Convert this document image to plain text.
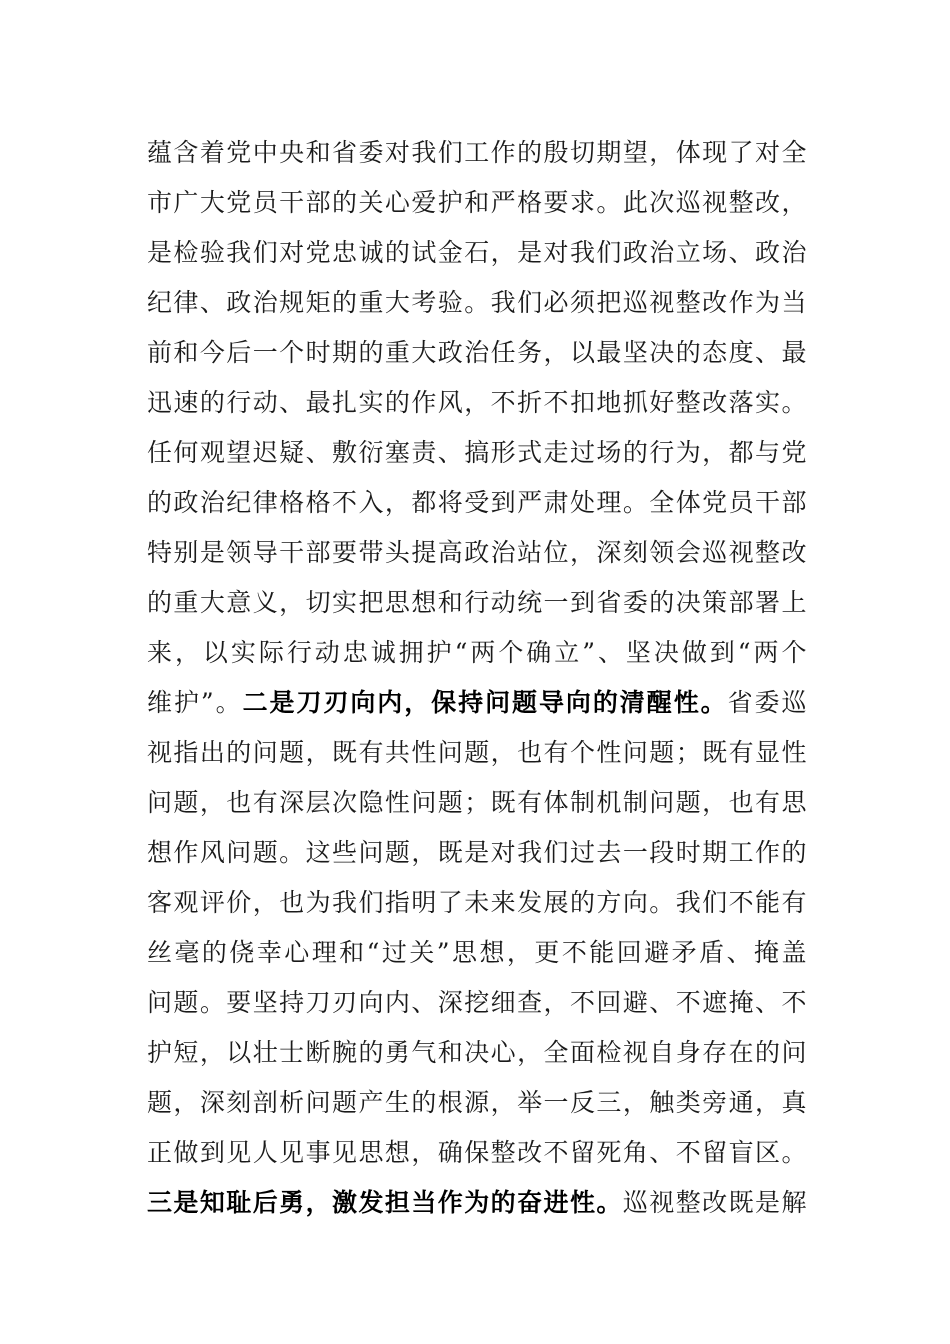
蕴含着党中央和省委对我们工作的殷切期望，体现了对全
市广大党员干部的关心爱护和严格要求。此次巡视整改，
是检验我们对党忠诚的试金石，是对我们政治立场、政治
纪律、政治规矩的重大考验。我们必须把巡视整改作为当
前和今后一个时期的重大政治任务，以最坚决的态度、最
迅速的行动、最扎实的作风，不折不扣地抓好整改落实。
任何观望迟疑、敷衍塞责、搞形式走过场的行为，都与党
的政治纪律格格不入，都将受到严肃处理。全体党员干部
特别是领导干部要带头提高政治站位，深刻领会巡视整改
的重大意义，切实把思想和行动统一到省委的决策部署上
来，以实际行动忠诚拥护“两个确立”、坚决做到“两个
维护”。二是刀刃向内，保持问题导向的清醒性。省委巡
视指出的问题，既有共性问题，也有个性问题；既有显性
问题，也有深层次隐性问题；既有体制机制问题，也有思
想作风问题。这些问题，既是对我们过去一段时期工作的
客观评价，也为我们指明了未来发展的方向。我们不能有
丝毫的侥幸心理和“过关”思想，更不能回避矛盾、掩盖
问题。要坚持刀刃向内、深挖细查，不回避、不遮掩、不
护短，以壮士断腕的勇气和决心，全面检视自身存在的问
题，深刻剖析问题产生的根源，举一反三，触类旁通，真
正做到见人见事见思想，确保整改不留死角、不留盲区。
三是知耻后勇，激发担当作为的奋进性。巡视整改既是解
